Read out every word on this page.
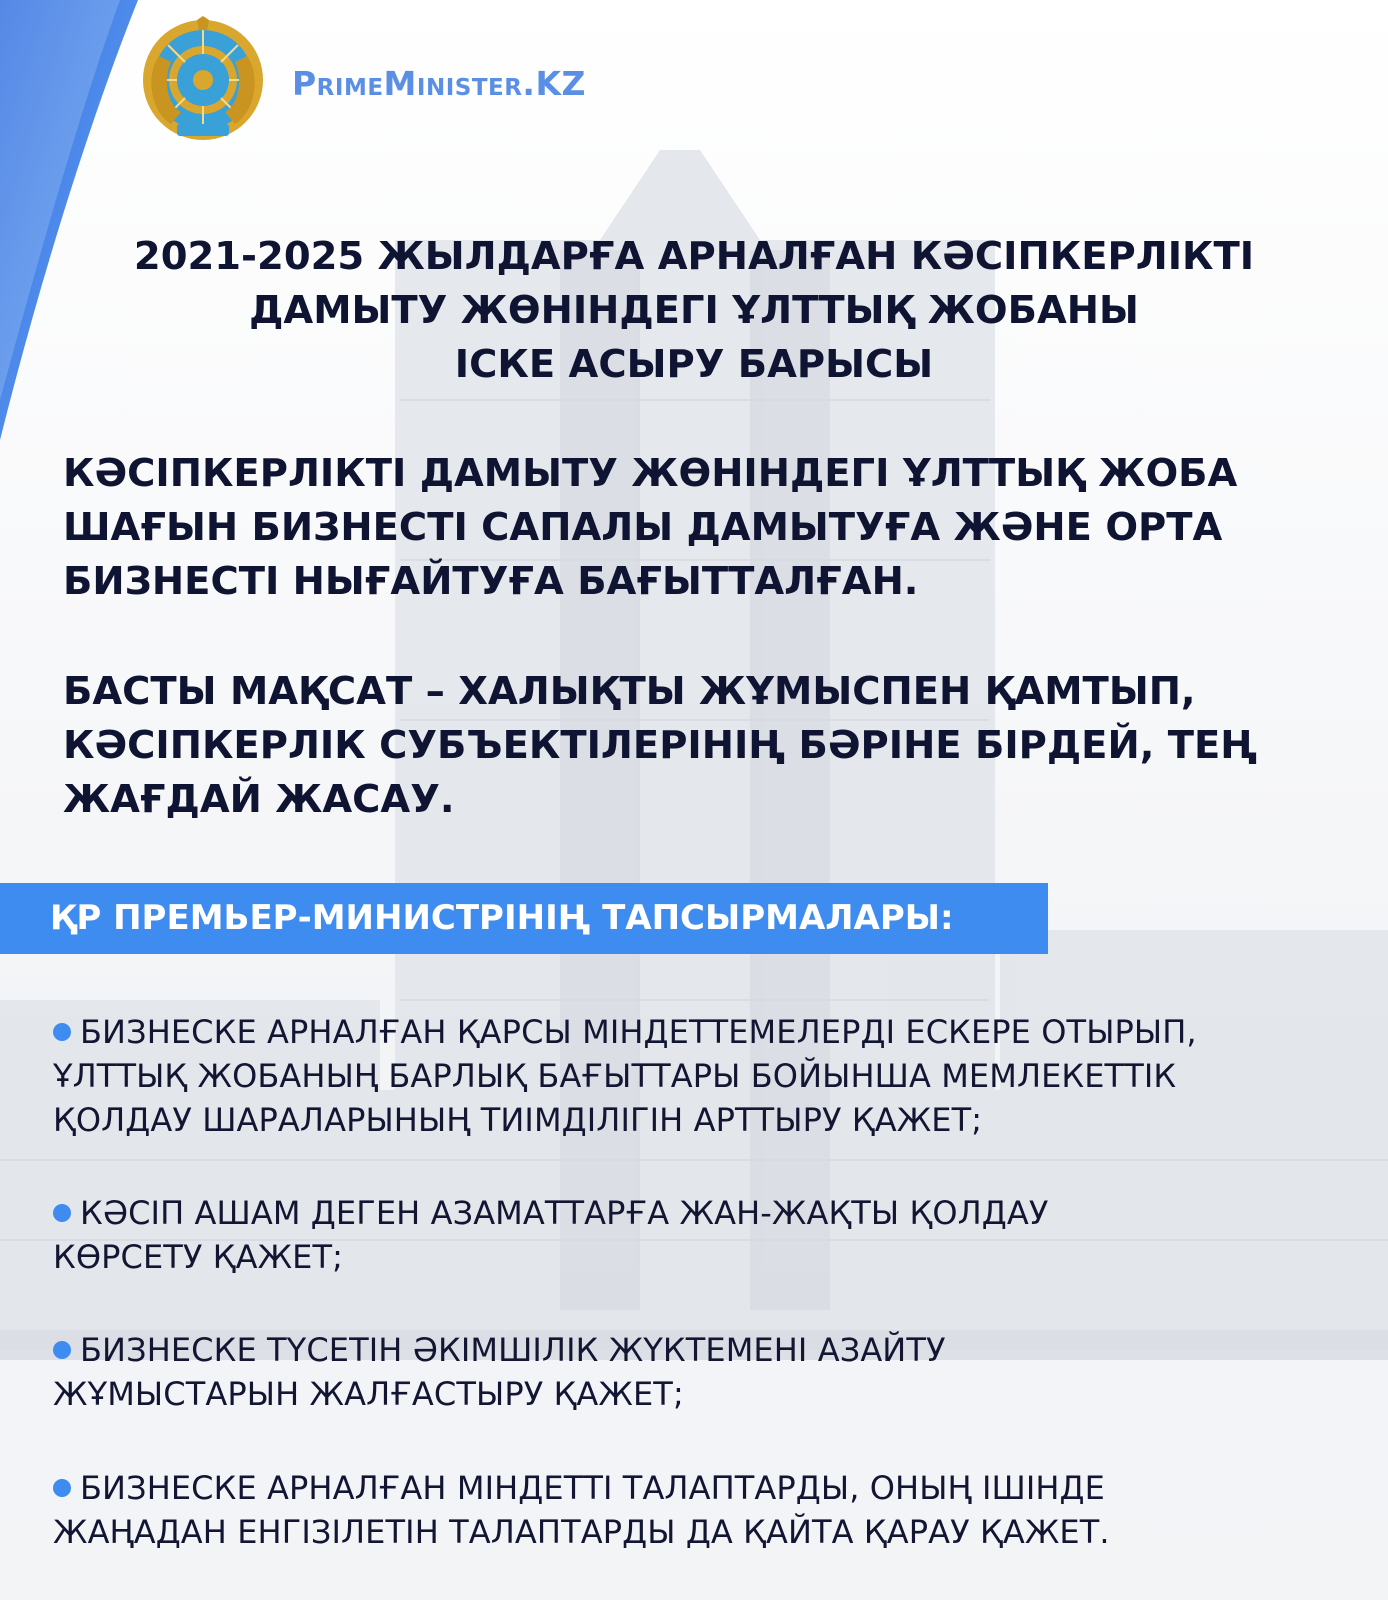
PrimeMinister.KZ
2021-2025 ЖЫЛДАРҒА АРНАЛҒАН КӘСІПКЕРЛІКТІ
ДАМЫТУ ЖӨНІНДЕГІ ҰЛТТЫҚ ЖОБАНЫ
ІСКЕ АСЫРУ БАРЫСЫ
КӘСІПКЕРЛІКТІ ДАМЫТУ ЖӨНІНДЕГІ ҰЛТТЫҚ ЖОБА
ШАҒЫН БИЗНЕСТІ САПАЛЫ ДАМЫТУҒА ЖӘНЕ ОРТА
БИЗНЕСТІ НЫҒАЙТУҒА БАҒЫТТАЛҒАН.
БАСТЫ МАҚСАТ – ХАЛЫҚТЫ ЖҰМЫСПЕН ҚАМТЫП,
КӘСІПКЕРЛІК СУБЪЕКТІЛЕРІНІҢ БӘРІНЕ БІРДЕЙ, ТЕҢ
ЖАҒДАЙ ЖАСАУ.
ҚР ПРЕМЬЕР-МИНИСТРІНІҢ ТАПСЫРМАЛАРЫ:
БИЗНЕСКЕ АРНАЛҒАН ҚАРСЫ МІНДЕТТЕМЕЛЕРДІ ЕСКЕРЕ ОТЫРЫП,
ҰЛТТЫҚ ЖОБАНЫҢ БАРЛЫҚ БАҒЫТТАРЫ БОЙЫНША МЕМЛЕКЕТТІК
ҚОЛДАУ ШАРАЛАРЫНЫҢ ТИІМДІЛІГІН АРТТЫРУ ҚАЖЕТ;
КӘСІП АШАМ ДЕГЕН АЗАМАТТАРҒА ЖАН-ЖАҚТЫ ҚОЛДАУ
КӨРСЕТУ ҚАЖЕТ;
БИЗНЕСКЕ ТҮСЕТІН ӘКІМШІЛІК ЖҮКТЕМЕНІ АЗАЙТУ
ЖҰМЫСТАРЫН ЖАЛҒАСТЫРУ ҚАЖЕТ;
БИЗНЕСКЕ АРНАЛҒАН МІНДЕТТІ ТАЛАПТАРДЫ, ОНЫҢ ІШІНДЕ
ЖАҢАДАН ЕНГІЗІЛЕТІН ТАЛАПТАРДЫ ДА ҚАЙТА ҚАРАУ ҚАЖЕТ.
